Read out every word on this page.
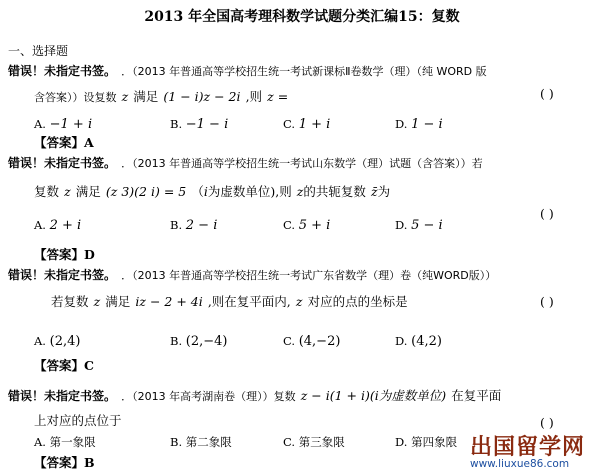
2013 年全国高考理科数学试题分类汇编15：复数
一、选择题
错误！未指定书签。 ．（2013 年普通高等学校招生统一考试新课标Ⅱ卷数学（理）（纯 WORD 版
含答案））设复数 z 满足 (1 − i)z − 2i ,则 z =	( )
A. −1 + i	B. −1 − i	C. 1 + i	D. 1 − i
【答案】A
错误！未指定书签。 ．（2013 年普通高等学校招生统一考试山东数学（理）试题（含答案））若
复数 z 满足 (z 3)(2 i) = 5 （i为虚数单位),则 z的共轭复数 z̄为
( )
A. 2 + i	B. 2 − i	C. 5 + i	D. 5 − i
【答案】D
错误！未指定书签。 ．（2013 年普通高等学校招生统一考试广东省数学（理）卷（纯WORD版））
若复数 z 满足 iz − 2 + 4i ,则在复平面内, z 对应的点的坐标是	( )
A. (2,4)	B. (2,−4)	C. (4,−2)	D. (4,2)
【答案】C
错误！未指定书签。 ．（2013 年高考湖南卷（理））复数 z − i(1 + i)(i为虚数单位) 在复平面
上对应的点位于	( )
A. 第一象限	B. 第二象限	C. 第三象限	D. 第四象限
【答案】B
出国留学网
www.liuxue86.com
